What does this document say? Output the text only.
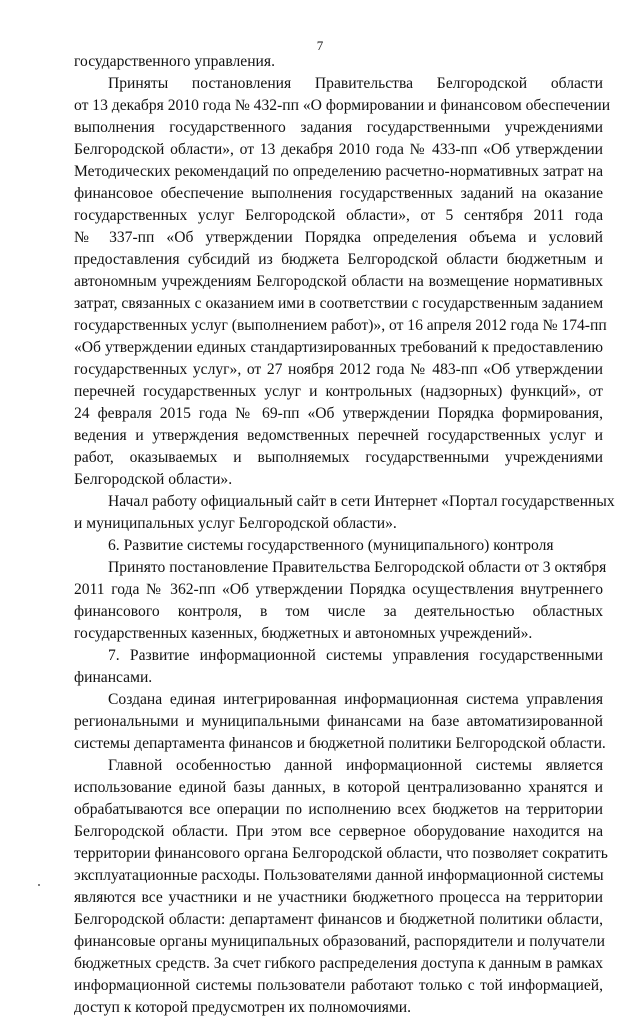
7
государственного управления.
Приняты постановления Правительства Белгородской области
от 13 декабря 2010 года № 432-пп «О формировании и финансовом обеспечении
выполнения государственного задания государственными учреждениями
Белгородской области», от 13 декабря 2010 года № 433-пп «Об утверждении
Методических рекомендаций по определению расчетно-нормативных затрат на
финансовое обеспечение выполнения государственных заданий на оказание
государственных услуг Белгородской области», от 5 сентября 2011 года
№ 337-пп «Об утверждении Порядка определения объема и условий
предоставления субсидий из бюджета Белгородской области бюджетным и
автономным учреждениям Белгородской области на возмещение нормативных
затрат, связанных с оказанием ими в соответствии с государственным заданием
государственных услуг (выполнением работ)», от 16 апреля 2012 года № 174-пп
«Об утверждении единых стандартизированных требований к предоставлению
государственных услуг», от 27 ноября 2012 года № 483-пп «Об утверждении
перечней государственных услуг и контрольных (надзорных) функций», от
24 февраля 2015 года № 69-пп «Об утверждении Порядка формирования,
ведения и утверждения ведомственных перечней государственных услуг и
работ, оказываемых и выполняемых государственными учреждениями
Белгородской области».
Начал работу официальный сайт в сети Интернет «Портал государственных
и муниципальных услуг Белгородской области».
6. Развитие системы государственного (муниципального) контроля
Принято постановление Правительства Белгородской области от 3 октября
2011 года № 362-пп «Об утверждении Порядка осуществления внутреннего
финансового контроля, в том числе за деятельностью областных
государственных казенных, бюджетных и автономных учреждений».
7. Развитие информационной системы управления государственными
финансами.
Создана единая интегрированная информационная система управления
региональными и муниципальными финансами на базе автоматизированной
системы департамента финансов и бюджетной политики Белгородской области.
Главной особенностью данной информационной системы является
использование единой базы данных, в которой централизованно хранятся и
обрабатываются все операции по исполнению всех бюджетов на территории
Белгородской области. При этом все серверное оборудование находится на
территории финансового органа Белгородской области, что позволяет сократить
эксплуатационные расходы. Пользователями данной информационной системы
являются все участники и не участники бюджетного процесса на территории
Белгородской области: департамент финансов и бюджетной политики области,
финансовые органы муниципальных образований, распорядители и получатели
бюджетных средств. За счет гибкого распределения доступа к данным в рамках
информационной системы пользователи работают только с той информацией,
доступ к которой предусмотрен их полномочиями.
